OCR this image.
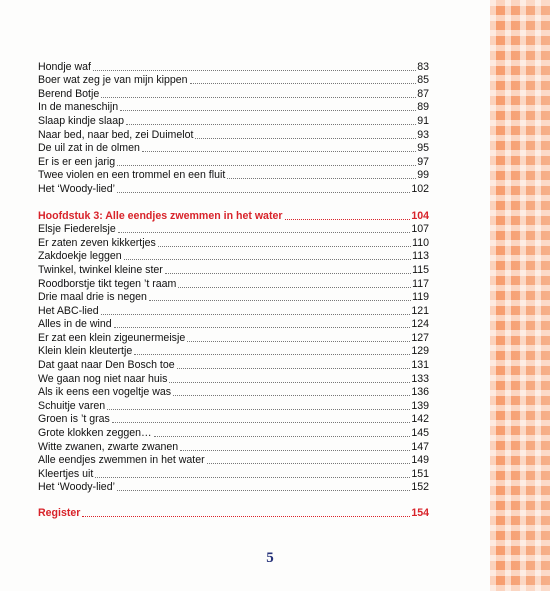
Hondje waf	83
Boer wat zeg je van mijn kippen	85
Berend Botje	87
In de maneschijn	89
Slaap kindje slaap	91
Naar bed, naar bed, zei Duimelot	93
De uil zat in de olmen	95
Er is er een jarig	97
Twee violen en een trommel en een fluit	99
Het ‘Woody-lied’	102
Hoofdstuk 3: Alle eendjes zwemmen in het water	104
Elsje Fiederelsje	107
Er zaten zeven kikkertjes	110
Zakdoekje leggen	113
Twinkel, twinkel kleine ster	115
Roodborstje tikt tegen ’t raam	117
Drie maal drie is negen	119
Het ABC-lied	121
Alles in de wind	124
Er zat een klein zigeunermeisje	127
Klein klein kleutertje	129
Dat gaat naar Den Bosch toe	131
We gaan nog niet naar huis	133
Als ik eens een vogeltje was	136
Schuitje varen	139
Groen is ’t gras	142
Grote klokken zeggen…	145
Witte zwanen, zwarte zwanen	147
Alle eendjes zwemmen in het water	149
Kleertjes uit	151
Het ‘Woody-lied’	152
Register	154
5
